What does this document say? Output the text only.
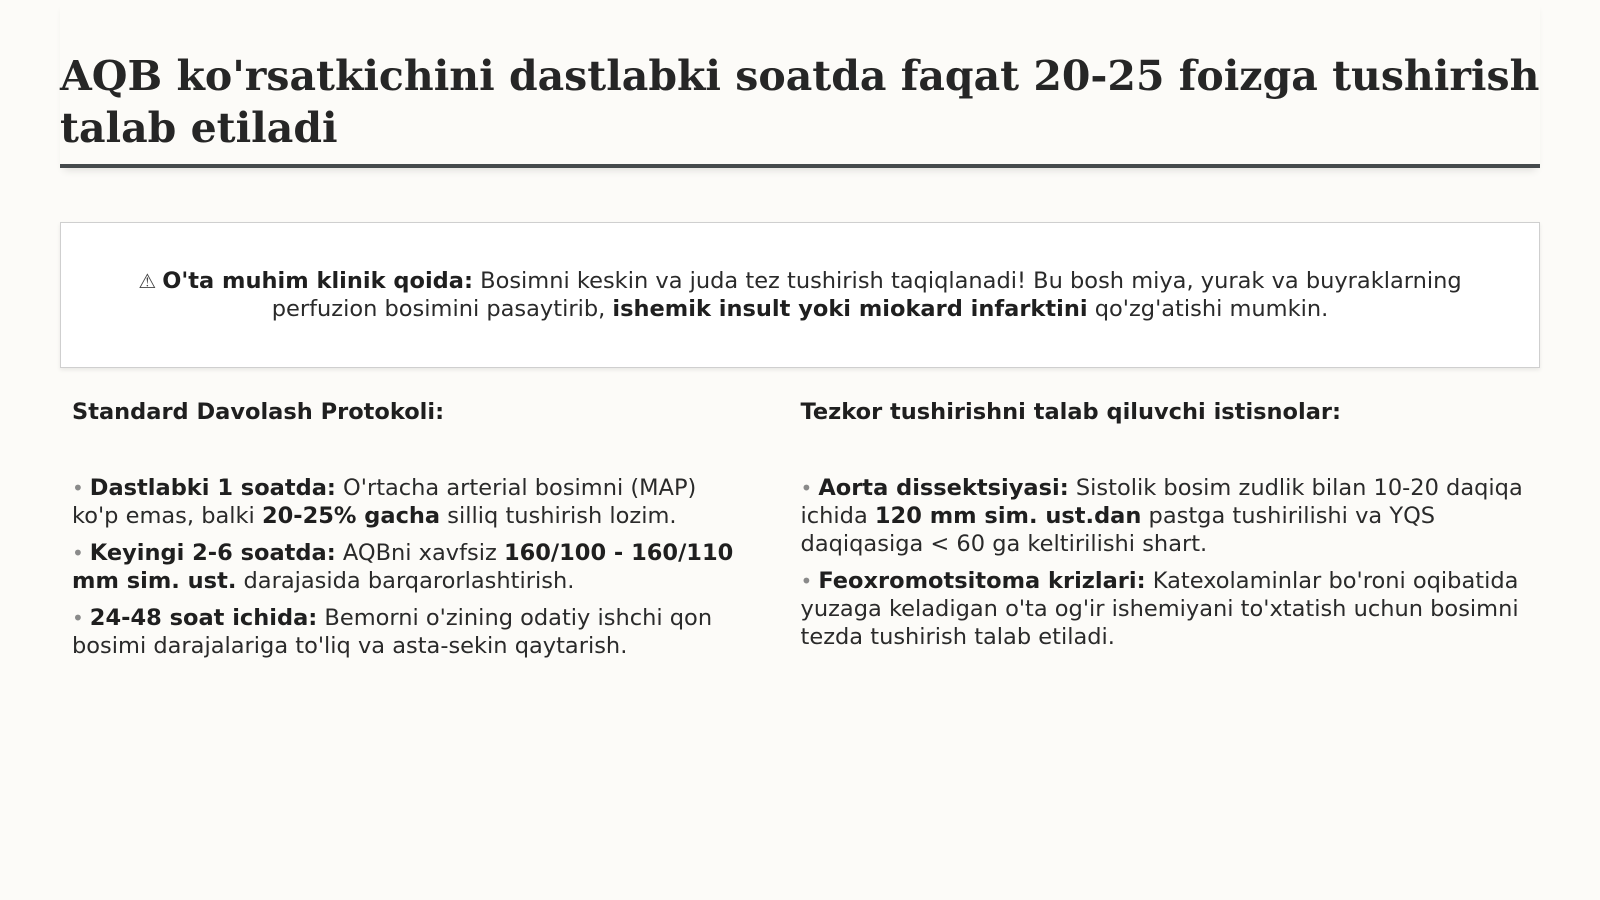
AQB ko'rsatkichini dastlabki soatda faqat 20-25 foizga tushirish talab etiladi
⚠ O'ta muhim klinik qoida: Bosimni keskin va juda tez tushirish taqiqlanadi! Bu bosh miya, yurak va buyraklarning perfuzion bosimini pasaytirib, ishemik insult yoki miokard infarktini qo'zg'atishi mumkin.

Standard Davolash Protokoli:

• Dastlabki 1 soatda: O'rtacha arterial bosimni (MAP) ko'p emas, balki 20-25% gacha silliq tushirish lozim.
• Keyingi 2-6 soatda: AQBni xavfsiz 160/100 - 160/110 mm sim. ust. darajasida barqarorlashtirish.
• 24-48 soat ichida: Bemorni o'zining odatiy ishchi qon bosimi darajalariga to'liq va asta-sekin qaytarish.

Tezkor tushirishni talab qiluvchi istisnolar:

• Aorta dissektsiyasi: Sistolik bosim zudlik bilan 10-20 daqiqa ichida 120 mm sim. ust.dan pastga tushirilishi va YQS daqiqasiga < 60 ga keltirilishi shart.
• Feoxromotsitoma krizlari: Katexolaminlar bo'roni oqibatida yuzaga keladigan o'ta og'ir ishemiyani to'xtatish uchun bosimni tezda tushirish talab etiladi.
